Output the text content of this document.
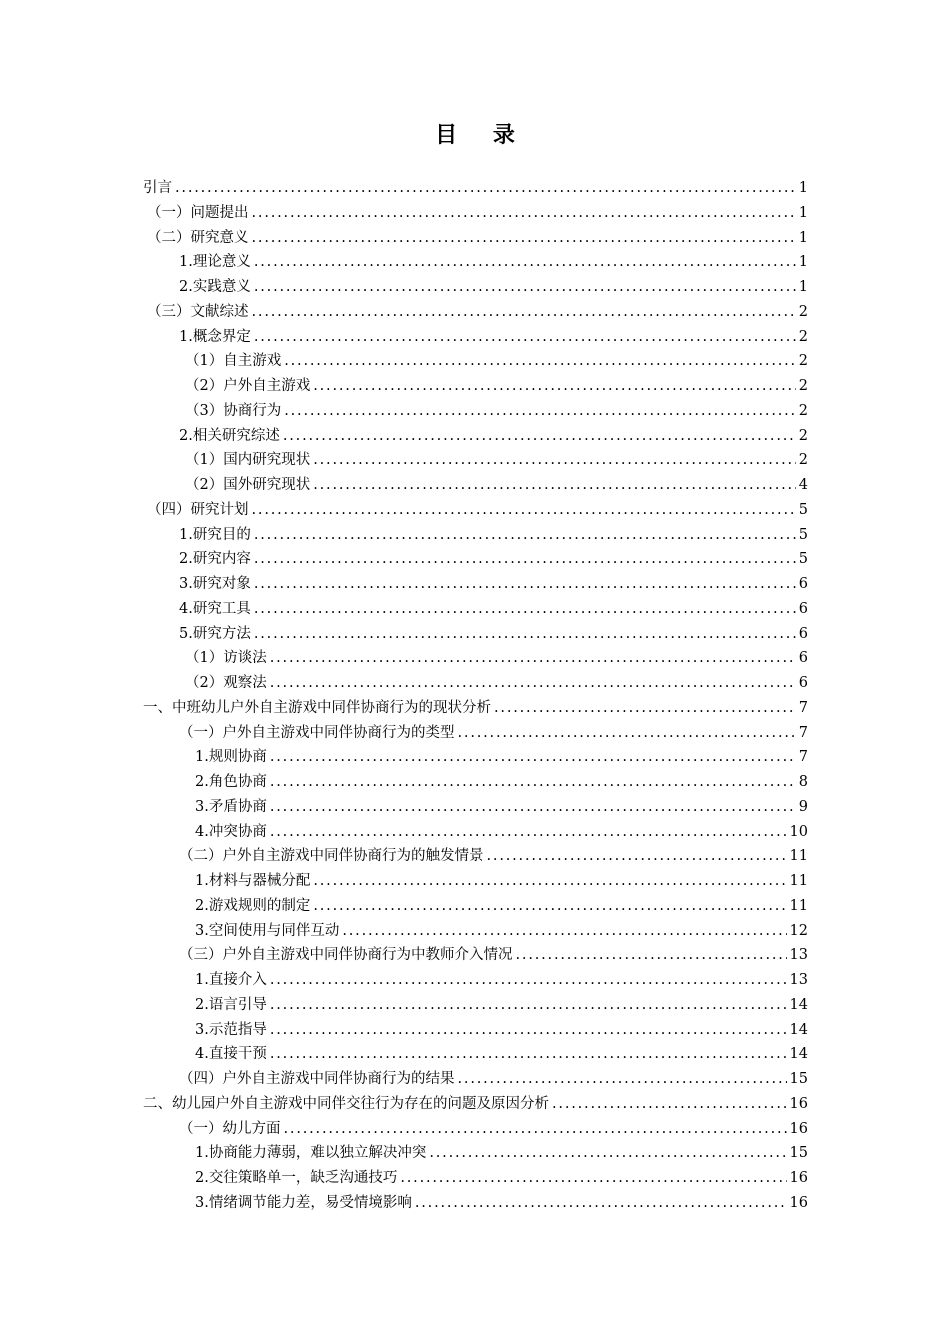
目 录
引言 .....	1
（一）问题提出 .....	1
（二）研究意义 .....	1
1.理论意义 .....	1
2.实践意义 .....	1
（三）文献综述 .....	2
1.概念界定 .....	2
（1）自主游戏 .....	2
（2）户外自主游戏 .....	2
（3）协商行为 .....	2
2.相关研究综述 .....	2
（1）国内研究现状 .....	2
（2）国外研究现状 .....	4
（四）研究计划 .....	5
1.研究目的 .....	5
2.研究内容 .....	5
3.研究对象 .....	6
4.研究工具 .....	6
5.研究方法 .....	6
（1）访谈法 .....	6
（2）观察法 .....	6
一、中班幼儿户外自主游戏中同伴协商行为的现状分析 .....	7
（一）户外自主游戏中同伴协商行为的类型 .....	7
1.规则协商 .....	7
2.角色协商 .....	8
3.矛盾协商 .....	9
4.冲突协商 .....	10
（二）户外自主游戏中同伴协商行为的触发情景 .....	11
1.材料与器械分配 .....	11
2.游戏规则的制定 .....	11
3.空间使用与同伴互动 .....	12
（三）户外自主游戏中同伴协商行为中教师介入情况 .....	13
1.直接介入 .....	13
2.语言引导 .....	14
3.示范指导 .....	14
4.直接干预 .....	14
（四）户外自主游戏中同伴协商行为的结果 .....	15
二、幼儿园户外自主游戏中同伴交往行为存在的问题及原因分析 .....	16
（一）幼儿方面 .....	16
1.协商能力薄弱，难以独立解决冲突 .....	15
2.交往策略单一，缺乏沟通技巧 .....	16
3.情绪调节能力差，易受情境影响 .....	16
